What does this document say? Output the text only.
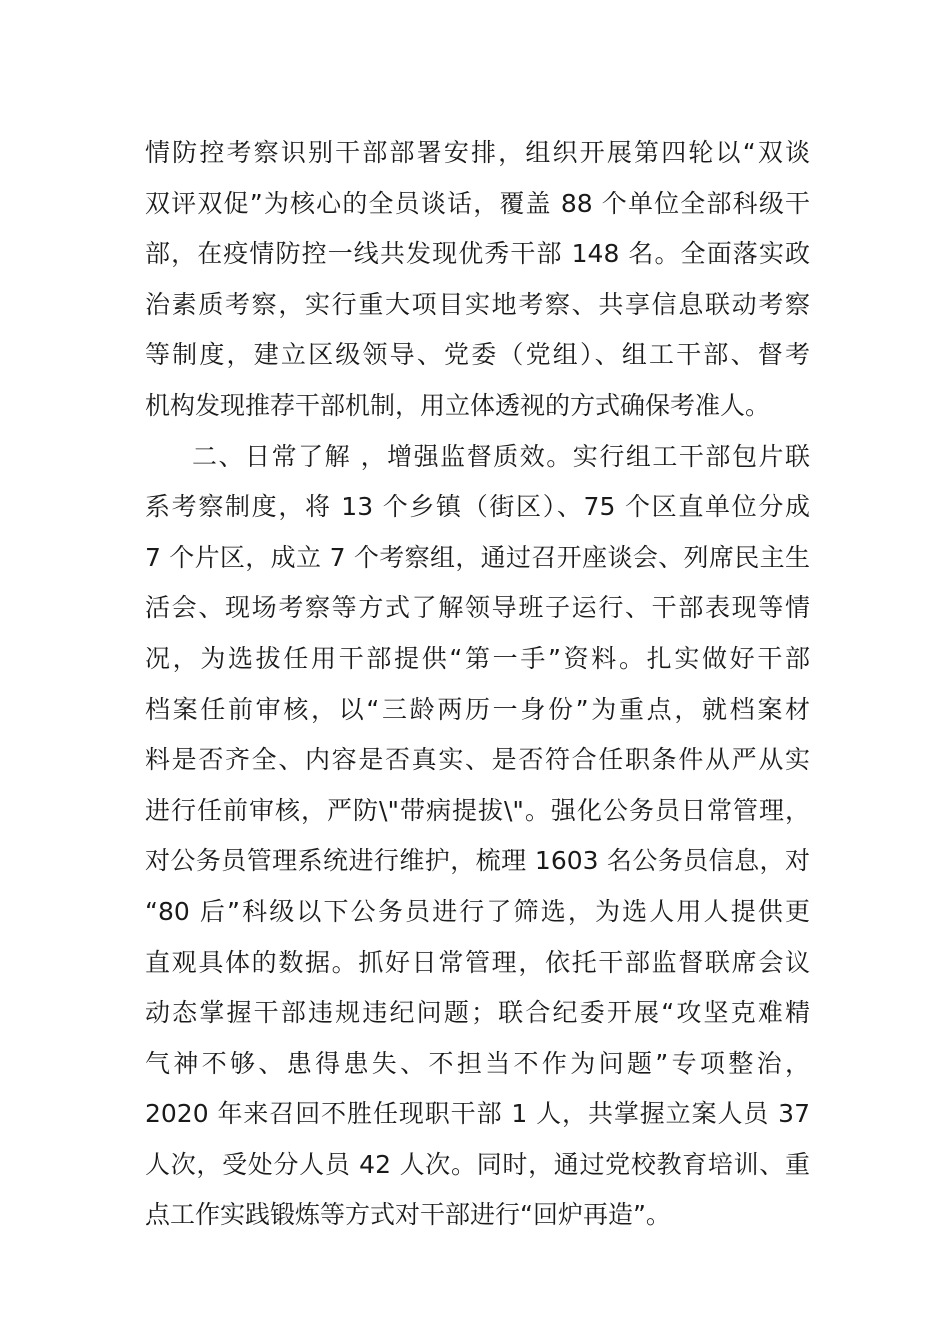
情防控考察识别干部部署安排，组织开展第四轮以“双谈
双评双促”为核心的全员谈话，覆盖 88 个单位全部科级干
部，在疫情防控一线共发现优秀干部 148 名。全面落实政
治素质考察，实行重大项目实地考察、共享信息联动考察
等制度，建立区级领导、党委（党组）、组工干部、督考
机构发现推荐干部机制，用立体透视的方式确保考准人。
二、日常了解 ，增强监督质效。实行组工干部包片联
系考察制度，将 13 个乡镇（街区）、75 个区直单位分成
7 个片区，成立 7 个考察组，通过召开座谈会、列席民主生
活会、现场考察等方式了解领导班子运行、干部表现等情
况，为选拔任用干部提供“第一手”资料。扎实做好干部
档案任前审核，以“三龄两历一身份”为重点，就档案材
料是否齐全、内容是否真实、是否符合任职条件从严从实
进行任前审核，严防\"带病提拔\"。强化公务员日常管理，
对公务员管理系统进行维护，梳理 1603 名公务员信息，对
“80 后”科级以下公务员进行了筛选，为选人用人提供更
直观具体的数据。抓好日常管理，依托干部监督联席会议
动态掌握干部违规违纪问题；联合纪委开展“攻坚克难精
气神不够、患得患失、不担当不作为问题”专项整治，
2020 年来召回不胜任现职干部 1 人，共掌握立案人员 37
人次，受处分人员 42 人次。同时，通过党校教育培训、重
点工作实践锻炼等方式对干部进行“回炉再造”。
